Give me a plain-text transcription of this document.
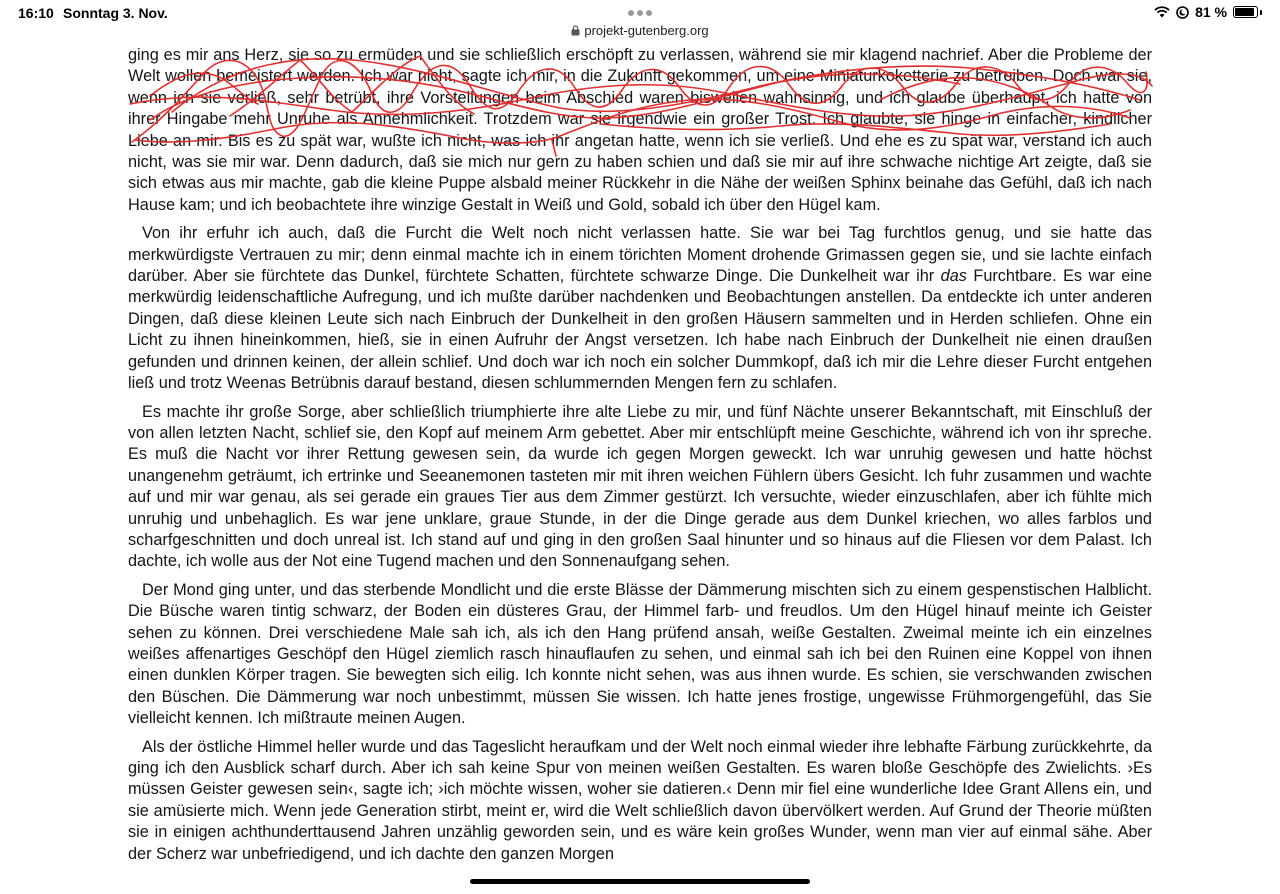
16:10 Sonntag 3. Nov.	81 %
projekt-gutenberg.org

ging es mir ans Herz, sie so zu ermüden und sie schließlich erschöpft zu verlassen, während sie mir klagend nachrief. Aber die Probleme der Welt wollen bemeistert werden. Ich war nicht, sagte ich mir, in die Zukunft gekommen, um eine Miniaturkoketterie zu betreiben. Doch war sie, wenn ich sie verließ, sehr betrübt, ihre Vorstellungen beim Abschied waren bisweilen wahnsinnig, und ich glaube überhaupt, ich hatte von ihrer Hingabe mehr Unruhe als Annehmlichkeit. Trotzdem war sie irgendwie ein großer Trost. Ich glaubte, sie hinge in einfacher, kindlicher Liebe an mir. Bis es zu spät war, wußte ich nicht, was ich ihr angetan hatte, wenn ich sie verließ. Und ehe es zu spät war, verstand ich auch nicht, was sie mir war. Denn dadurch, daß sie mich nur gern zu haben schien und daß sie mir auf ihre schwache nichtige Art zeigte, daß sie sich etwas aus mir machte, gab die kleine Puppe alsbald meiner Rückkehr in die Nähe der weißen Sphinx beinahe das Gefühl, daß ich nach Hause kam; und ich beobachtete ihre winzige Gestalt in Weiß und Gold, sobald ich über den Hügel kam.

Von ihr erfuhr ich auch, daß die Furcht die Welt noch nicht verlassen hatte. Sie war bei Tag furchtlos genug, und sie hatte das merkwürdigste Vertrauen zu mir; denn einmal machte ich in einem törichten Moment drohende Grimassen gegen sie, und sie lachte einfach darüber. Aber sie fürchtete das Dunkel, fürchtete Schatten, fürchtete schwarze Dinge. Die Dunkelheit war ihr das Furchtbare. Es war eine merkwürdig leidenschaftliche Aufregung, und ich mußte darüber nachdenken und Beobachtungen anstellen. Da entdeckte ich unter anderen Dingen, daß diese kleinen Leute sich nach Einbruch der Dunkelheit in den großen Häusern sammelten und in Herden schliefen. Ohne ein Licht zu ihnen hineinkommen, hieß, sie in einen Aufruhr der Angst versetzen. Ich habe nach Einbruch der Dunkelheit nie einen draußen gefunden und drinnen keinen, der allein schlief. Und doch war ich noch ein solcher Dummkopf, daß ich mir die Lehre dieser Furcht entgehen ließ und trotz Weenas Betrübnis darauf bestand, diesen schlummernden Mengen fern zu schlafen.

Es machte ihr große Sorge, aber schließlich triumphierte ihre alte Liebe zu mir, und fünf Nächte unserer Bekanntschaft, mit Einschluß der von allen letzten Nacht, schlief sie, den Kopf auf meinem Arm gebettet. Aber mir entschlüpft meine Geschichte, während ich von ihr spreche. Es muß die Nacht vor ihrer Rettung gewesen sein, da wurde ich gegen Morgen geweckt. Ich war unruhig gewesen und hatte höchst unangenehm geträumt, ich ertrinke und Seeanemonen tasteten mir mit ihren weichen Fühlern übers Gesicht. Ich fuhr zusammen und wachte auf und mir war genau, als sei gerade ein graues Tier aus dem Zimmer gestürzt. Ich versuchte, wieder einzuschlafen, aber ich fühlte mich unruhig und unbehaglich. Es war jene unklare, graue Stunde, in der die Dinge gerade aus dem Dunkel kriechen, wo alles farblos und scharfgeschnitten und doch unreal ist. Ich stand auf und ging in den großen Saal hinunter und so hinaus auf die Fliesen vor dem Palast. Ich dachte, ich wolle aus der Not eine Tugend machen und den Sonnenaufgang sehen.

Der Mond ging unter, und das sterbende Mondlicht und die erste Blässe der Dämmerung mischten sich zu einem gespenstischen Halblicht. Die Büsche waren tintig schwarz, der Boden ein düsteres Grau, der Himmel farb- und freudlos. Um den Hügel hinauf meinte ich Geister sehen zu können. Drei verschiedene Male sah ich, als ich den Hang prüfend ansah, weiße Gestalten. Zweimal meinte ich ein einzelnes weißes affenartiges Geschöpf den Hügel ziemlich rasch hinauflaufen zu sehen, und einmal sah ich bei den Ruinen eine Koppel von ihnen einen dunklen Körper tragen. Sie bewegten sich eilig. Ich konnte nicht sehen, was aus ihnen wurde. Es schien, sie verschwanden zwischen den Büschen. Die Dämmerung war noch unbestimmt, müssen Sie wissen. Ich hatte jenes frostige, ungewisse Frühmorgengefühl, das Sie vielleicht kennen. Ich mißtraute meinen Augen.

Als der östliche Himmel heller wurde und das Tageslicht heraufkam und der Welt noch einmal wieder ihre lebhafte Färbung zurückkehrte, da ging ich den Ausblick scharf durch. Aber ich sah keine Spur von meinen weißen Gestalten. Es waren bloße Geschöpfe des Zwielichts. ›Es müssen Geister gewesen sein‹, sagte ich; ›ich möchte wissen, woher sie datieren.‹ Denn mir fiel eine wunderliche Idee Grant Allens ein, und sie amüsierte mich. Wenn jede Generation stirbt, meint er, wird die Welt schließlich davon übervölkert werden. Auf Grund der Theorie müßten sie in einigen achthunderttausend Jahren unzählig geworden sein, und es wäre kein großes Wunder, wenn man vier auf einmal sähe. Aber der Scherz war unbefriedigend, und ich dachte den ganzen Morgen
